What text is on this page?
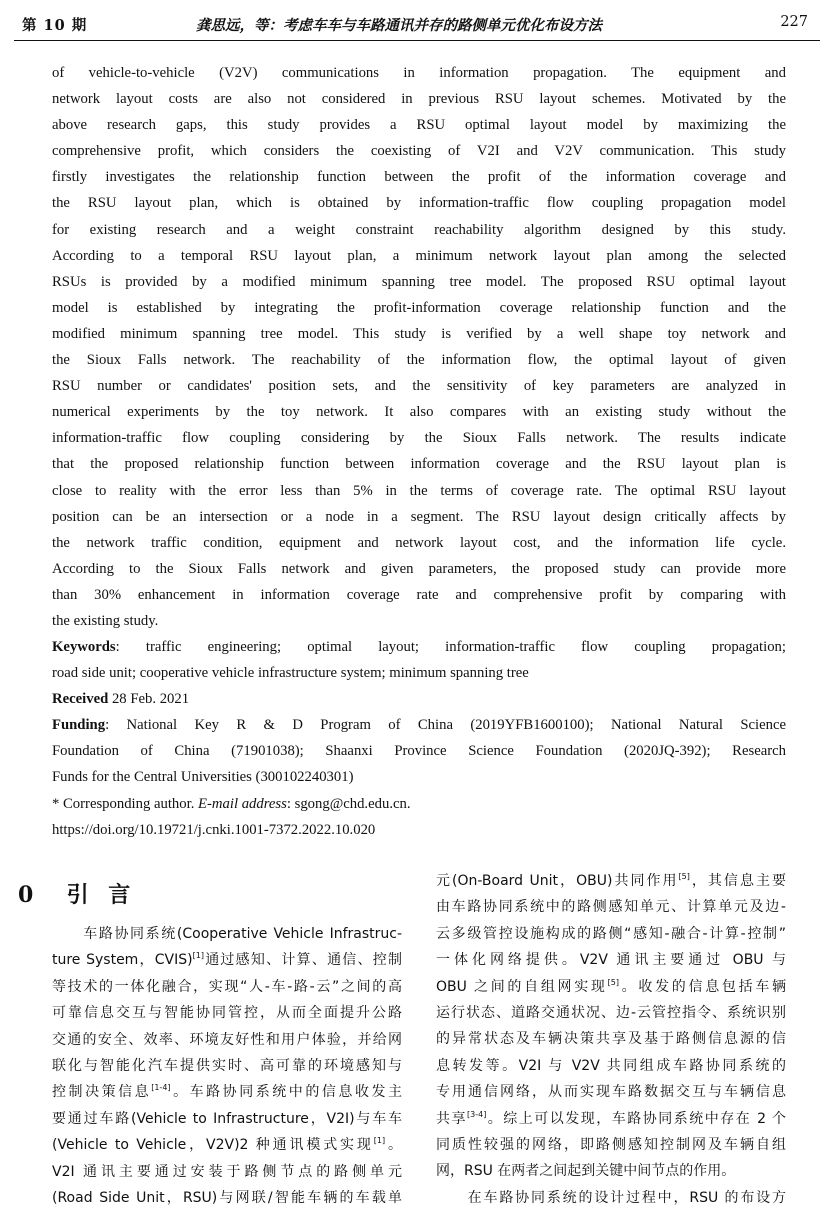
第 10 期	龚思远，等：考虑车车与车路通讯并存的路侧单元优化布设方法	227
of vehicle-to-vehicle (V2V) communications in information propagation. The equipment and
network layout costs are also not considered in previous RSU layout schemes. Motivated by the
above research gaps, this study provides a RSU optimal layout model by maximizing the
comprehensive profit, which considers the coexisting of V2I and V2V communication. This study
firstly investigates the relationship function between the profit of the information coverage and
the RSU layout plan, which is obtained by information-traffic flow coupling propagation model
for existing research and a weight constraint reachability algorithm designed by this study.
According to a temporal RSU layout plan, a minimum network layout plan among the selected
RSUs is provided by a modified minimum spanning tree model. The proposed RSU optimal layout
model is established by integrating the profit-information coverage relationship function and the
modified minimum spanning tree model. This study is verified by a well shape toy network and
the Sioux Falls network. The reachability of the information flow, the optimal layout of given
RSU number or candidates' position sets, and the sensitivity of key parameters are analyzed in
numerical experiments by the toy network. It also compares with an existing study without the
information-traffic flow coupling considering by the Sioux Falls network. The results indicate
that the proposed relationship function between information coverage and the RSU layout plan is
close to reality with the error less than 5% in the terms of coverage rate. The optimal RSU layout
position can be an intersection or a node in a segment. The RSU layout design critically affects by
the network traffic condition, equipment and network layout cost, and the information life cycle.
According to the Sioux Falls network and given parameters, the proposed study can provide more
than 30% enhancement in information coverage rate and comprehensive profit by comparing with
the existing study.
Keywords: traffic engineering; optimal layout; information-traffic flow coupling propagation;
road side unit; cooperative vehicle infrastructure system; minimum spanning tree
Received 28 Feb. 2021
Funding: National Key R & D Program of China (2019YFB1600100); National Natural Science
Foundation of China (71901038); Shaanxi Province Science Foundation (2020JQ-392); Research
Funds for the Central Universities (300102240301)
* Corresponding author. E-mail address: sgong@chd.edu.cn.
https://doi.org/10.19721/j.cnki.1001-7372.2022.10.020
0 引 言
　　车路协同系统(Cooperative Vehicle Infrastruc-
ture System，CVIS)[1]通过感知、计算、通信、控制
等技术的一体化融合，实现“人-车-路-云”之间的高
可靠信息交互与智能协同管控，从而全面提升公路
交通的安全、效率、环境友好性和用户体验，并给网
联化与智能化汽车提供实时、高可靠的环境感知与
控制决策信息[1-4]。车路协同系统中的信息收发主
要通过车路(Vehicle to Infrastructure，V2I)与车车
(Vehicle to Vehicle，V2V)2 种通讯模式实现[1]。
V2I 通讯主要通过安装于路侧节点的路侧单元
(Road Side Unit，RSU)与网联/智能车辆的车载单
元(On-Board Unit，OBU)共同作用[5]，其信息主要
由车路协同系统中的路侧感知单元、计算单元及边-
云多级管控设施构成的路侧“感知-融合-计算-控制”
一体化网络提供。V2V 通讯主要通过 OBU 与
OBU 之间的自组网实现[5]。收发的信息包括车辆
运行状态、道路交通状况、边-云管控指令、系统识别
的异常状态及车辆决策共享及基于路侧信息源的信
息转发等。V2I 与 V2V 共同组成车路协同系统的
专用通信网络，从而实现车路数据交互与车辆信息
共享[3-4]。综上可以发现，车路协同系统中存在 2 个
同质性较强的网络，即路侧感知控制网及车辆自组
网，RSU 在两者之间起到关键中间节点的作用。
　　在车路协同系统的设计过程中，RSU 的布设方
